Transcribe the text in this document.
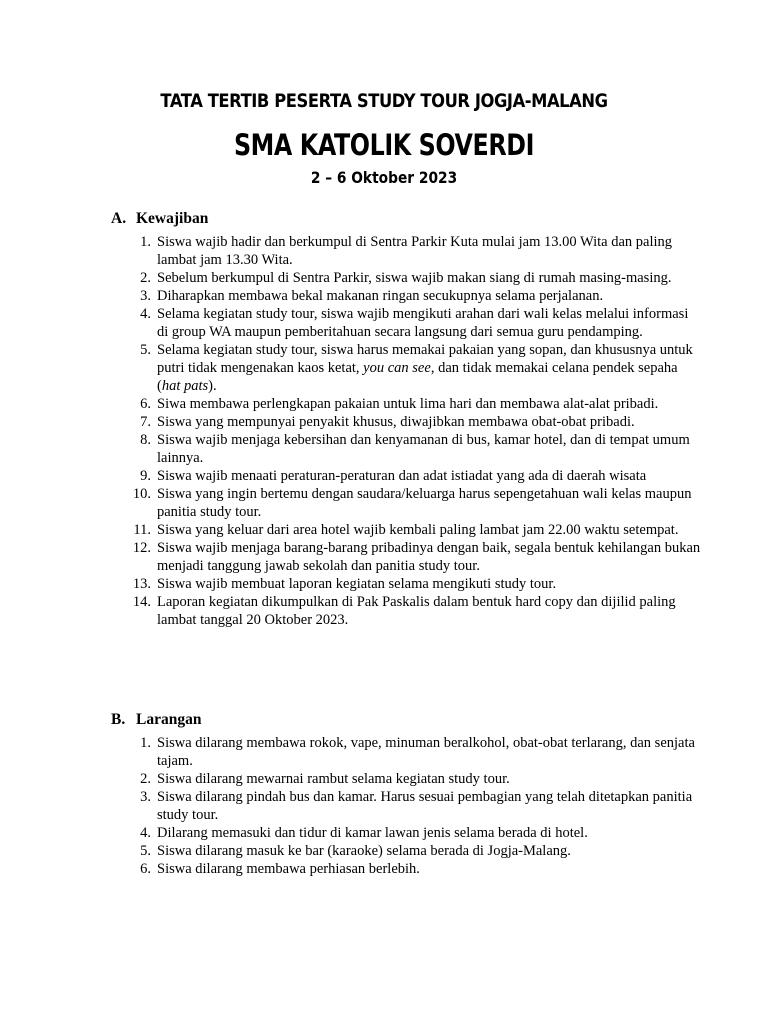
TATA TERTIB PESERTA STUDY TOUR JOGJA-MALANG
SMA KATOLIK SOVERDI
2 – 6 Oktober 2023
A. Kewajiban
1. Siswa wajib hadir dan berkumpul di Sentra Parkir Kuta mulai jam 13.00 Wita dan paling lambat jam 13.30 Wita.
2. Sebelum berkumpul di Sentra Parkir, siswa wajib makan siang di rumah masing-masing.
3. Diharapkan membawa bekal makanan ringan secukupnya selama perjalanan.
4. Selama kegiatan study tour, siswa wajib mengikuti arahan dari wali kelas melalui informasi di group WA maupun pemberitahuan secara langsung dari semua guru pendamping.
5. Selama kegiatan study tour, siswa harus memakai pakaian yang sopan, dan khususnya untuk putri tidak mengenakan kaos ketat, you can see, dan tidak memakai celana pendek sepaha (hat pats).
6. Siwa membawa perlengkapan pakaian untuk lima hari dan membawa alat-alat pribadi.
7. Siswa yang mempunyai penyakit khusus, diwajibkan membawa obat-obat pribadi.
8. Siswa wajib menjaga kebersihan dan kenyamanan di bus, kamar hotel, dan di tempat umum lainnya.
9. Siswa wajib menaati peraturan-peraturan dan adat istiadat yang ada di daerah wisata
10. Siswa yang ingin bertemu dengan saudara/keluarga harus sepengetahuan wali kelas maupun panitia study tour.
11. Siswa yang keluar dari area hotel wajib kembali paling lambat jam 22.00 waktu setempat.
12. Siswa wajib menjaga barang-barang pribadinya dengan baik, segala bentuk kehilangan bukan menjadi tanggung jawab sekolah dan panitia study tour.
13. Siswa wajib membuat laporan kegiatan selama mengikuti study tour.
14. Laporan kegiatan dikumpulkan di Pak Paskalis dalam bentuk hard copy dan dijilid paling lambat tanggal 20 Oktober 2023.
B. Larangan
1. Siswa dilarang membawa rokok, vape, minuman beralkohol, obat-obat terlarang, dan senjata tajam.
2. Siswa dilarang mewarnai rambut selama kegiatan study tour.
3. Siswa dilarang pindah bus dan kamar. Harus sesuai pembagian yang telah ditetapkan panitia study tour.
4. Dilarang memasuki dan tidur di kamar lawan jenis selama berada di hotel.
5. Siswa dilarang masuk ke bar (karaoke) selama berada di Jogja-Malang.
6. Siswa dilarang membawa perhiasan berlebih.
